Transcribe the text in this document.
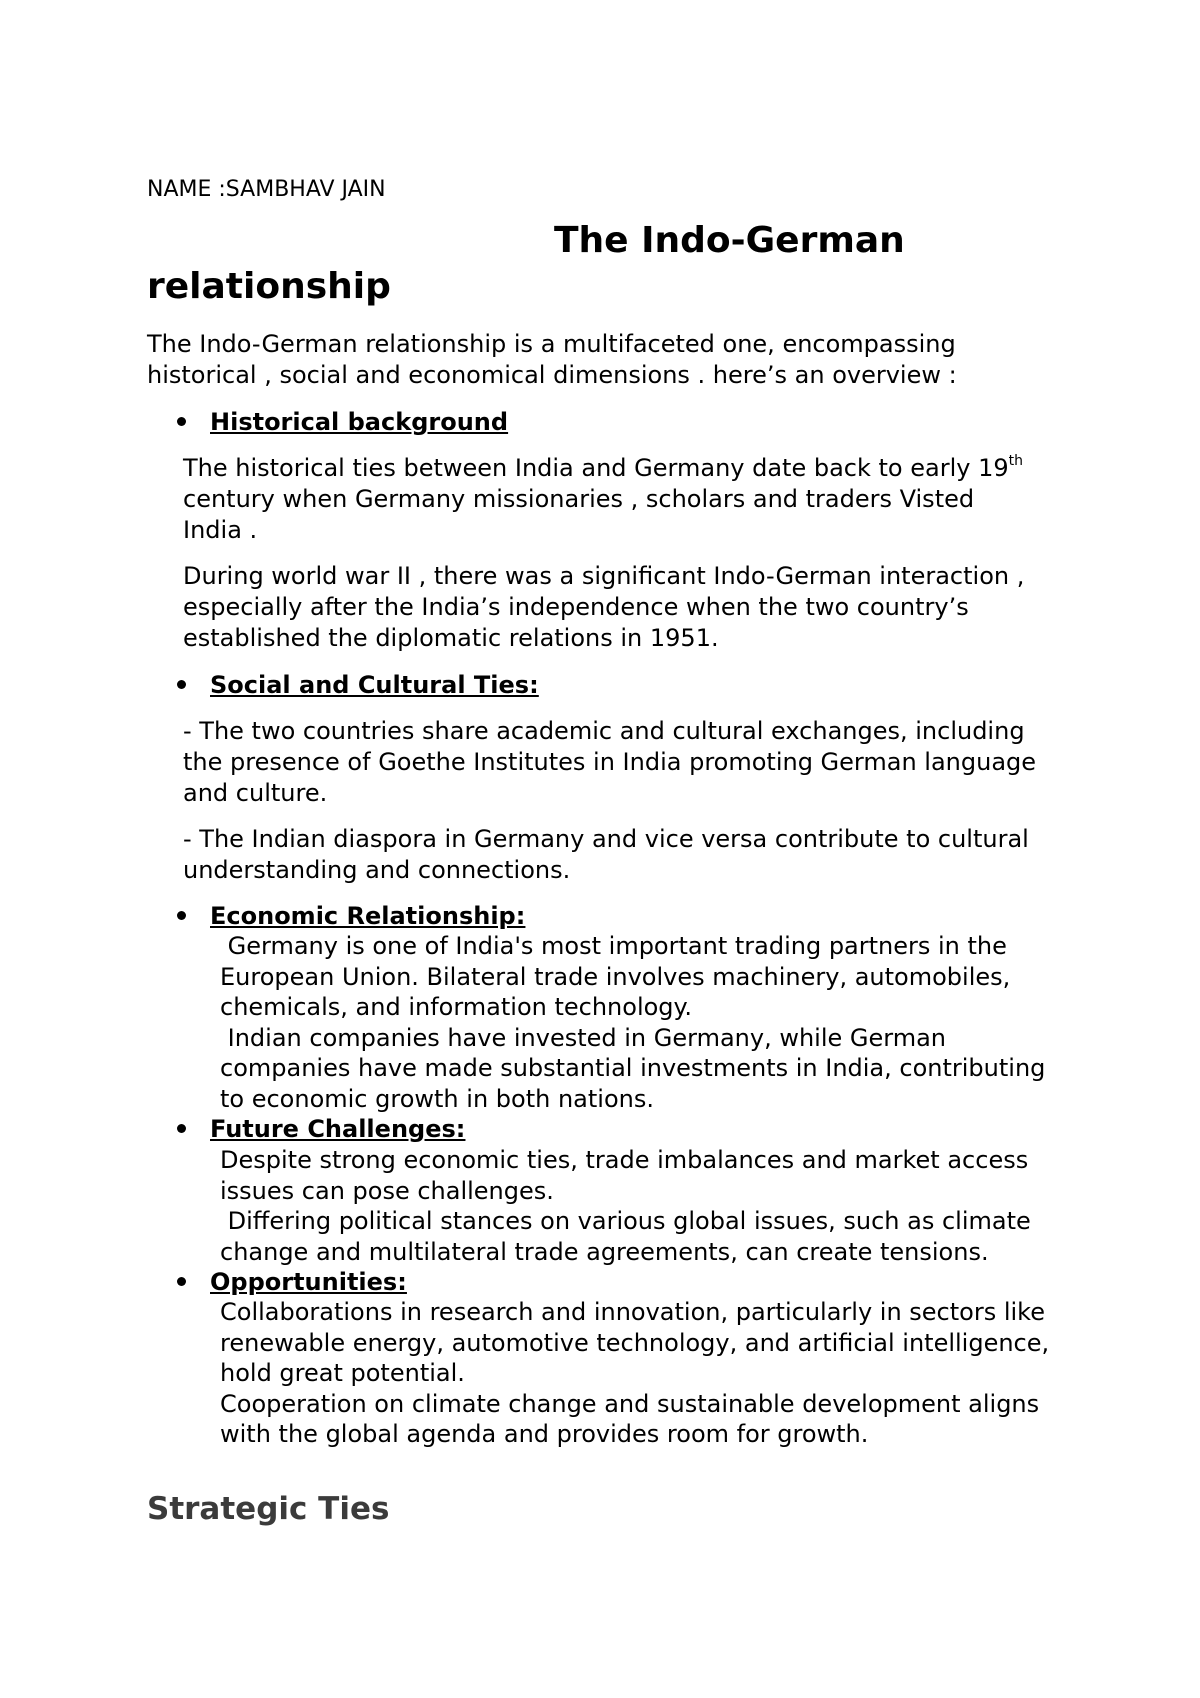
NAME :SAMBHAV JAIN
The Indo-German
relationship
The Indo-German relationship is a multifaceted one, encompassing
historical , social and economical dimensions . here’s an overview :
Historical background
The historical ties between India and Germany date back to early 19th
century when Germany missionaries , scholars and traders Visted
India .
During world war II , there was a significant Indo-German interaction ,
especially after the India’s independence when the two country’s
established the diplomatic relations in 1951.
Social and Cultural Ties:
- The two countries share academic and cultural exchanges, including
the presence of Goethe Institutes in India promoting German language
and culture.
- The Indian diaspora in Germany and vice versa contribute to cultural
understanding and connections.
Economic Relationship:
Germany is one of India's most important trading partners in the
European Union. Bilateral trade involves machinery, automobiles,
chemicals, and information technology.
Indian companies have invested in Germany, while German
companies have made substantial investments in India, contributing
to economic growth in both nations.
Future Challenges:
Despite strong economic ties, trade imbalances and market access
issues can pose challenges.
Differing political stances on various global issues, such as climate
change and multilateral trade agreements, can create tensions.
Opportunities:
Collaborations in research and innovation, particularly in sectors like
renewable energy, automotive technology, and artificial intelligence,
hold great potential.
Cooperation on climate change and sustainable development aligns
with the global agenda and provides room for growth.
Strategic Ties
